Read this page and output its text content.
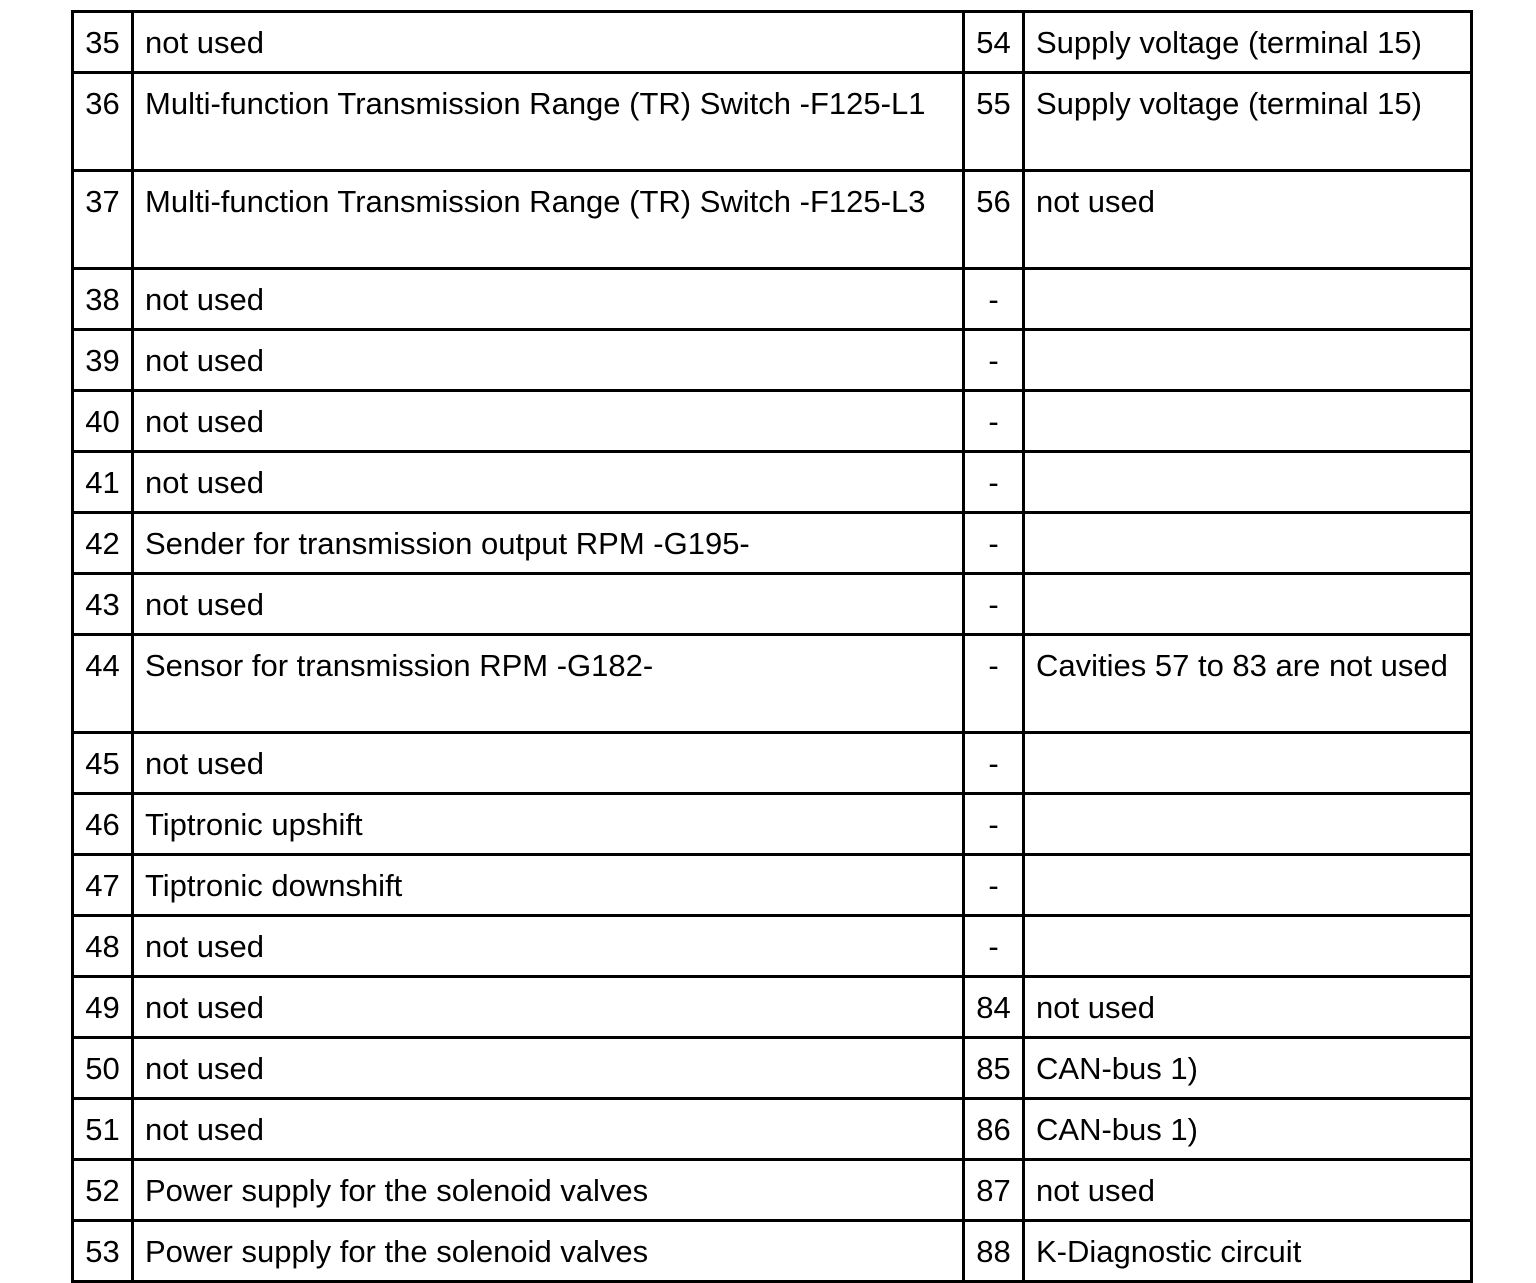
35	not used	54	Supply voltage (terminal 15)
36	Multi-function Transmission Range (TR) Switch -F125-L1	55	Supply voltage (terminal 15)
37	Multi-function Transmission Range (TR) Switch -F125-L3	56	not used
38	not used	-	
39	not used	-	
40	not used	-	
41	not used	-	
42	Sender for transmission output RPM -G195-	-	
43	not used	-	
44	Sensor for transmission RPM -G182-	-	Cavities 57 to 83 are not used
45	not used	-	
46	Tiptronic upshift	-	
47	Tiptronic downshift	-	
48	not used	-	
49	not used	84	not used
50	not used	85	CAN-bus 1)
51	not used	86	CAN-bus 1)
52	Power supply for the solenoid valves	87	not used
53	Power supply for the solenoid valves	88	K-Diagnostic circuit
